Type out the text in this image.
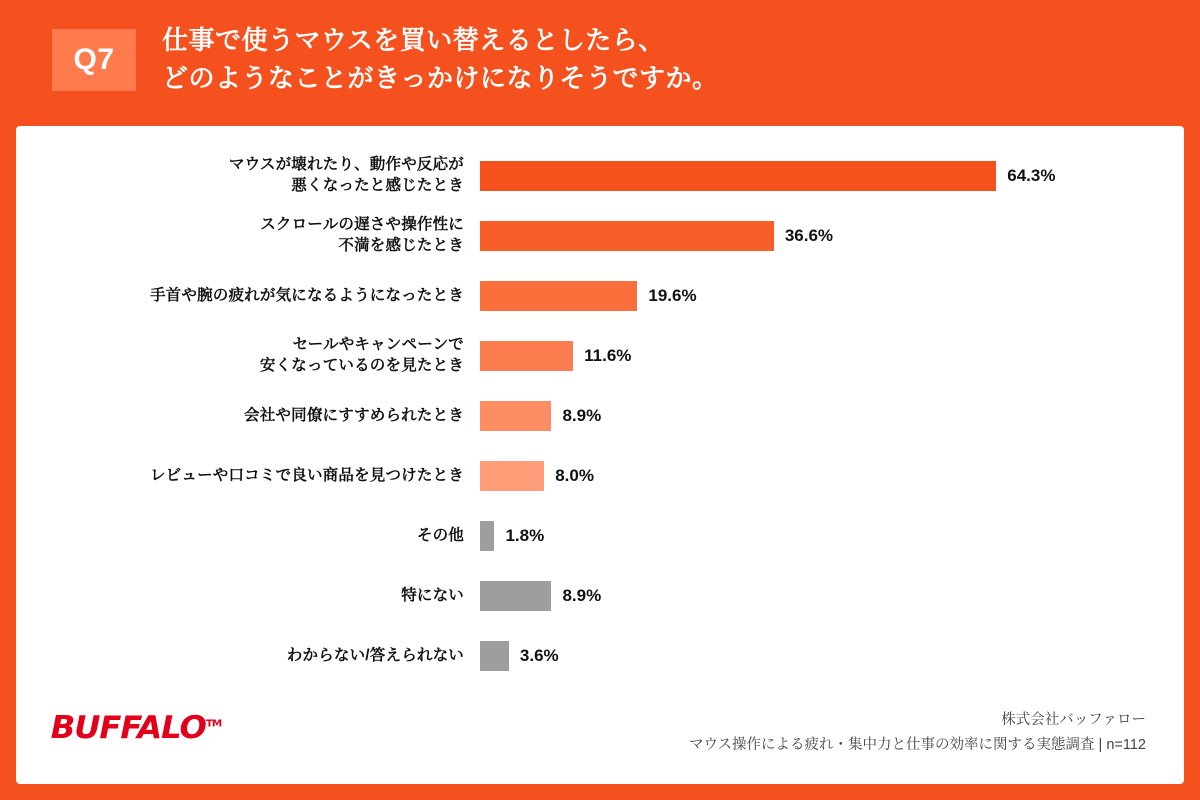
Q7
仕事で使うマウスを買い替えるとしたら、
どのようなことがきっかけになりそうですか。
マウスが壊れたり、動作や反応が
悪くなったと感じたとき
64.3%
スクロールの遅さや操作性に
不満を感じたとき
36.6%
手首や腕の疲れが気になるようになったとき	19.6%
セールやキャンペーンで
安くなっているのを見たとき
11.6%
会社や同僚にすすめられたとき	8.9%
レビューや口コミで良い商品を見つけたとき	8.0%
その他	1.8%
特にない	8.9%
わからない/答えられない	3.6%
BUFFALO™	株式会社バッファロー
マウス操作による疲れ・集中力と仕事の効率に関する実態調査 | n=112
